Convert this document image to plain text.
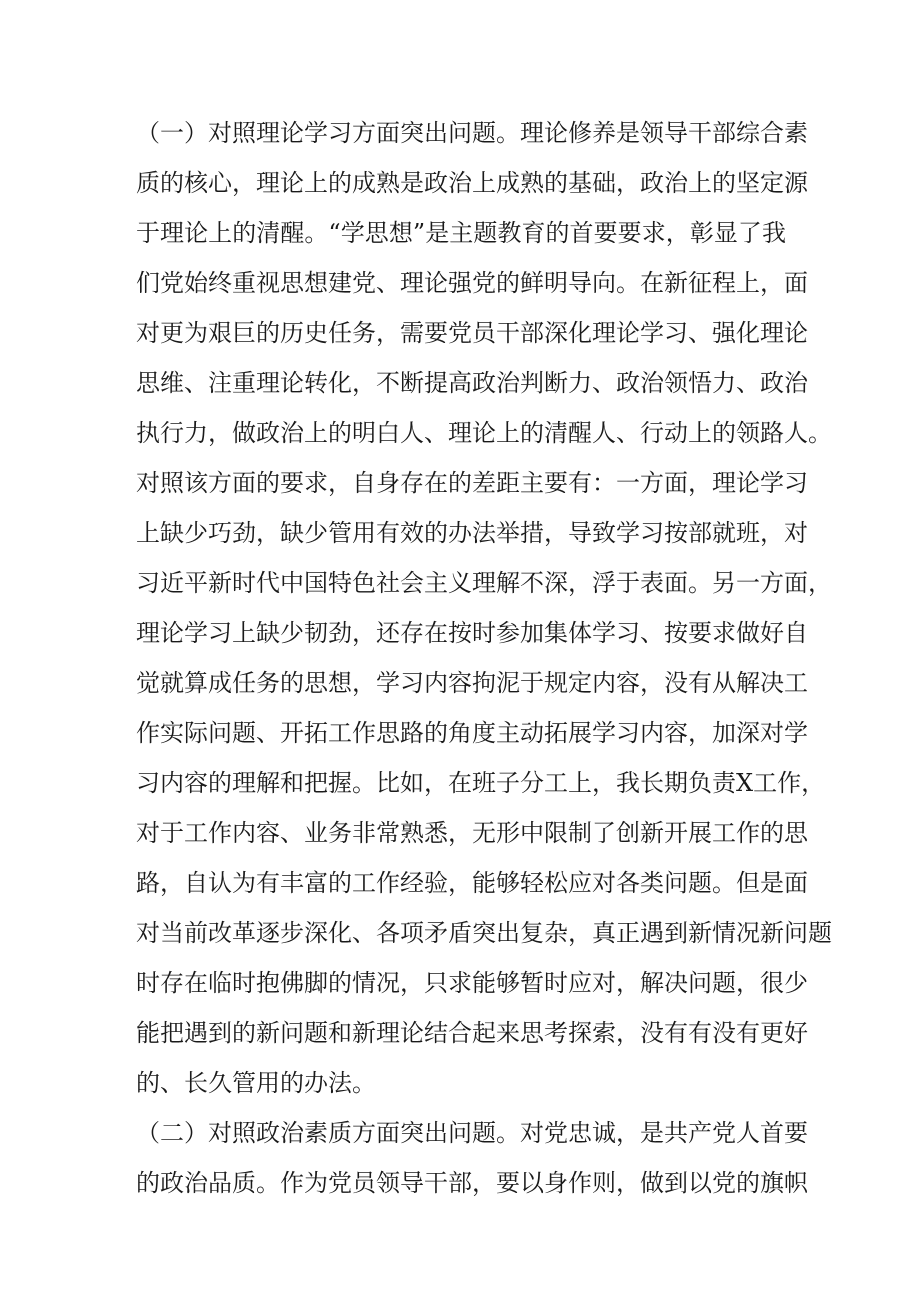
（一）对照理论学习方面突出问题。理论修养是领导干部综合素
质的核心，理论上的成熟是政治上成熟的基础，政治上的坚定源
于理论上的清醒。“学思想”是主题教育的首要要求，彰显了我
们党始终重视思想建党、理论强党的鲜明导向。在新征程上，面
对更为艰巨的历史任务，需要党员干部深化理论学习、强化理论
思维、注重理论转化，不断提高政治判断力、政治领悟力、政治
执行力，做政治上的明白人、理论上的清醒人、行动上的领路人。
对照该方面的要求，自身存在的差距主要有：一方面，理论学习
上缺少巧劲，缺少管用有效的办法举措，导致学习按部就班，对
习近平新时代中国特色社会主义理解不深，浮于表面。另一方面，
理论学习上缺少韧劲，还存在按时参加集体学习、按要求做好自
觉就算成任务的思想，学习内容拘泥于规定内容，没有从解决工
作实际问题、开拓工作思路的角度主动拓展学习内容，加深对学
习内容的理解和把握。比如，在班子分工上，我长期负责X工作，
对于工作内容、业务非常熟悉，无形中限制了创新开展工作的思
路，自认为有丰富的工作经验，能够轻松应对各类问题。但是面
对当前改革逐步深化、各项矛盾突出复杂，真正遇到新情况新问题
时存在临时抱佛脚的情况，只求能够暂时应对，解决问题，很少
能把遇到的新问题和新理论结合起来思考探索，没有有没有更好
的、长久管用的办法。
（二）对照政治素质方面突出问题。对党忠诚，是共产党人首要
的政治品质。作为党员领导干部，要以身作则，做到以党的旗帜
